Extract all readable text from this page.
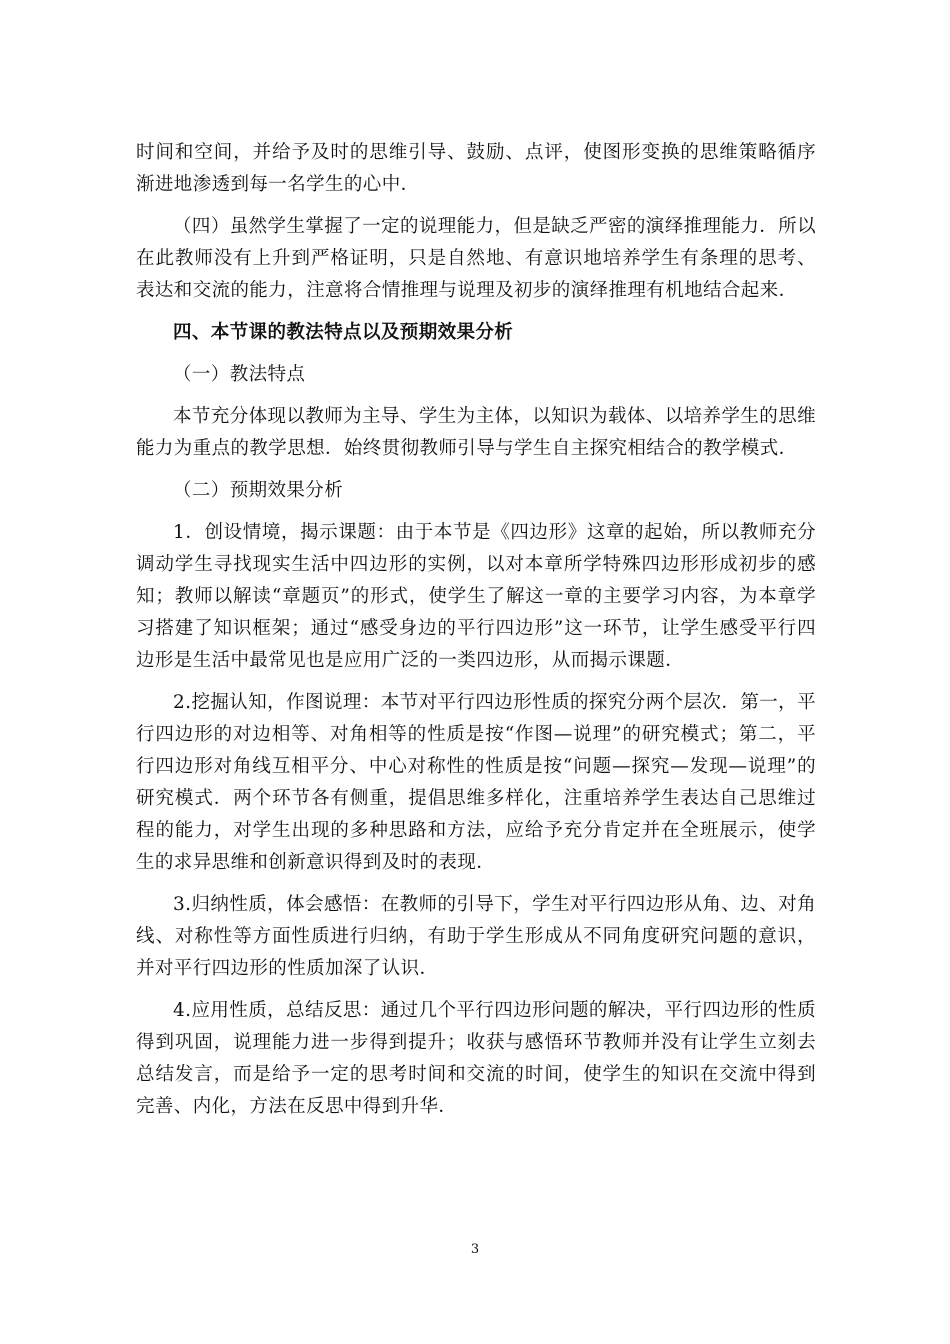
时间和空间，并给予及时的思维引导、鼓励、点评，使图形变换的思维策略循序渐进地渗透到每一名学生的心中．

（四）虽然学生掌握了一定的说理能力，但是缺乏严密的演绎推理能力．所以在此教师没有上升到严格证明，只是自然地、有意识地培养学生有条理的思考、表达和交流的能力，注意将合情推理与说理及初步的演绎推理有机地结合起来．

四、本节课的教法特点以及预期效果分析

（一）教法特点

本节充分体现以教师为主导、学生为主体，以知识为载体、以培养学生的思维能力为重点的教学思想．始终贯彻教师引导与学生自主探究相结合的教学模式．

（二）预期效果分析

1．创设情境，揭示课题：由于本节是《四边形》这章的起始，所以教师充分调动学生寻找现实生活中四边形的实例，以对本章所学特殊四边形形成初步的感知；教师以解读“章题页”的形式，使学生了解这一章的主要学习内容，为本章学习搭建了知识框架；通过“感受身边的平行四边形”这一环节，让学生感受平行四边形是生活中最常见也是应用广泛的一类四边形，从而揭示课题．

2.挖掘认知，作图说理：本节对平行四边形性质的探究分两个层次．第一，平行四边形的对边相等、对角相等的性质是按“作图—说理”的研究模式；第二，平行四边形对角线互相平分、中心对称性的性质是按“问题—探究—发现—说理”的研究模式．两个环节各有侧重，提倡思维多样化，注重培养学生表达自己思维过程的能力，对学生出现的多种思路和方法，应给予充分肯定并在全班展示，使学生的求异思维和创新意识得到及时的表现．

3.归纳性质，体会感悟：在教师的引导下，学生对平行四边形从角、边、对角线、对称性等方面性质进行归纳，有助于学生形成从不同角度研究问题的意识，并对平行四边形的性质加深了认识．

4.应用性质，总结反思：通过几个平行四边形问题的解决，平行四边形的性质得到巩固，说理能力进一步得到提升；收获与感悟环节教师并没有让学生立刻去总结发言，而是给予一定的思考时间和交流的时间，使学生的知识在交流中得到完善、内化，方法在反思中得到升华．

3
